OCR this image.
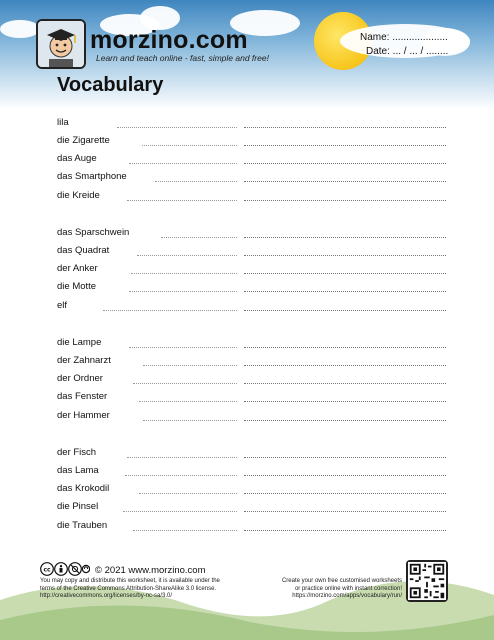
morzino.com
Learn and teach online - fast, simple and free!
Name: ....................
Date: ... / ... / ........
Vocabulary
lila
die Zigarette
das Auge
das Smartphone
die Kreide
das Sparschwein
das Quadrat
der Anker
die Motte
elf
die Lampe
der Zahnarzt
der Ordner
das Fenster
der Hammer
der Fisch
das Lama
das Krokodil
die Pinsel
die Trauben
cc	© 2021 www.morzino.com
You may copy and distribute this worksheet, it is available under the
terms of the Creative Commons Attribution-ShareAlike 3.0 license.
http://creativecommons.org/licenses/by-nc-sa/3.0/
Create your own free customised worksheets
or practice online with instant correction!
https://morzino.com/apps/vocabulary/run/
